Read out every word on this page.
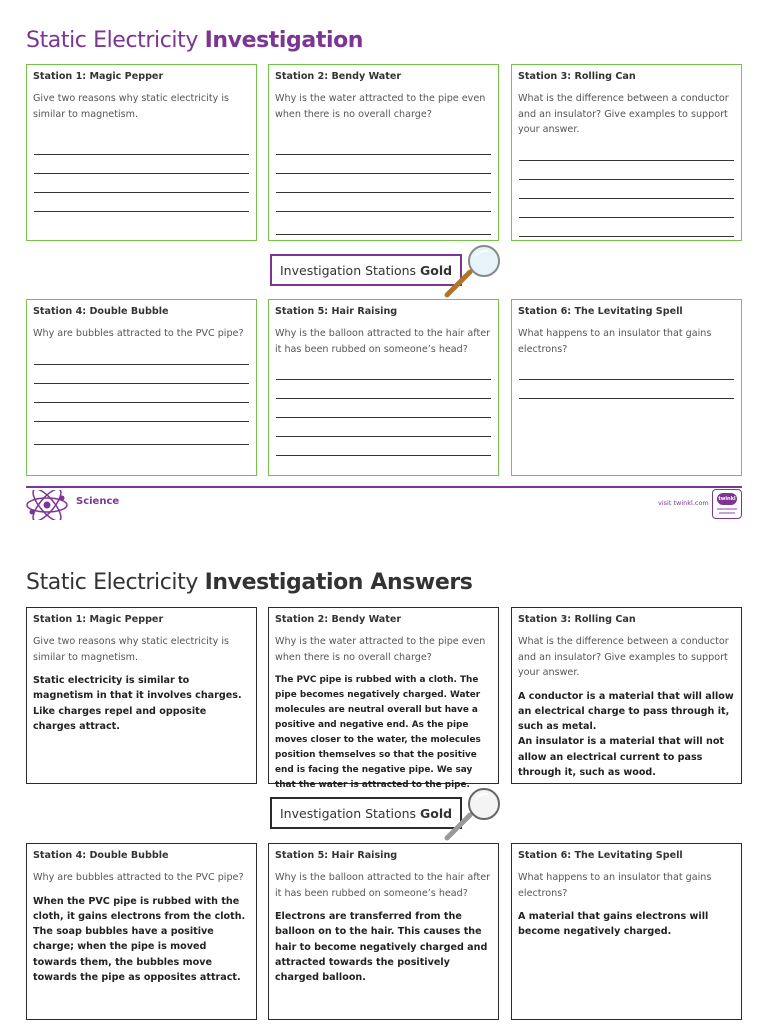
Static Electricity Investigation
Station 1: Magic Pepper

Give two reasons why static electricity is similar to magnetism.

Station 2: Bendy Water

Why is the water attracted to the pipe even when there is no overall charge?

Station 3: Rolling Can

What is the difference between a conductor and an insulator? Give examples to support your answer.

Investigation Stations Gold
Station 4: Double Bubble

Why are bubbles attracted to the PVC pipe?

Station 5: Hair Raising

Why is the balloon attracted to the hair after it has been rubbed on someone’s head?

Station 6: The Levitating Spell

What happens to an insulator that gains electrons?

Science	visit twinkl.com twinkl
Static Electricity Investigation Answers
Station 1: Magic Pepper

Give two reasons why static electricity is similar to magnetism.

Static electricity is similar to magnetism in that it involves charges. Like charges repel and opposite charges attract.

Station 2: Bendy Water

Why is the water attracted to the pipe even when there is no overall charge?

The PVC pipe is rubbed with a cloth. The pipe becomes negatively charged. Water molecules are neutral overall but have a positive and negative end. As the pipe moves closer to the water, the molecules position themselves so that the positive end is facing the negative pipe. We say that the water is attracted to the pipe.

Station 3: Rolling Can

What is the difference between a conductor and an insulator? Give examples to support your answer.

A conductor is a material that will allow an electrical charge to pass through it, such as metal.

An insulator is a material that will not allow an electrical current to pass through it, such as wood.

Investigation Stations Gold
Station 4: Double Bubble

Why are bubbles attracted to the PVC pipe?

When the PVC pipe is rubbed with the cloth, it gains electrons from the cloth. The soap bubbles have a positive charge; when the pipe is moved towards them, the bubbles move towards the pipe as opposites attract.

Station 5: Hair Raising

Why is the balloon attracted to the hair after it has been rubbed on someone’s head?

Electrons are transferred from the balloon on to the hair. This causes the hair to become negatively charged and attracted towards the positively charged balloon.

Station 6: The Levitating Spell

What happens to an insulator that gains electrons?

A material that gains electrons will become negatively charged.
